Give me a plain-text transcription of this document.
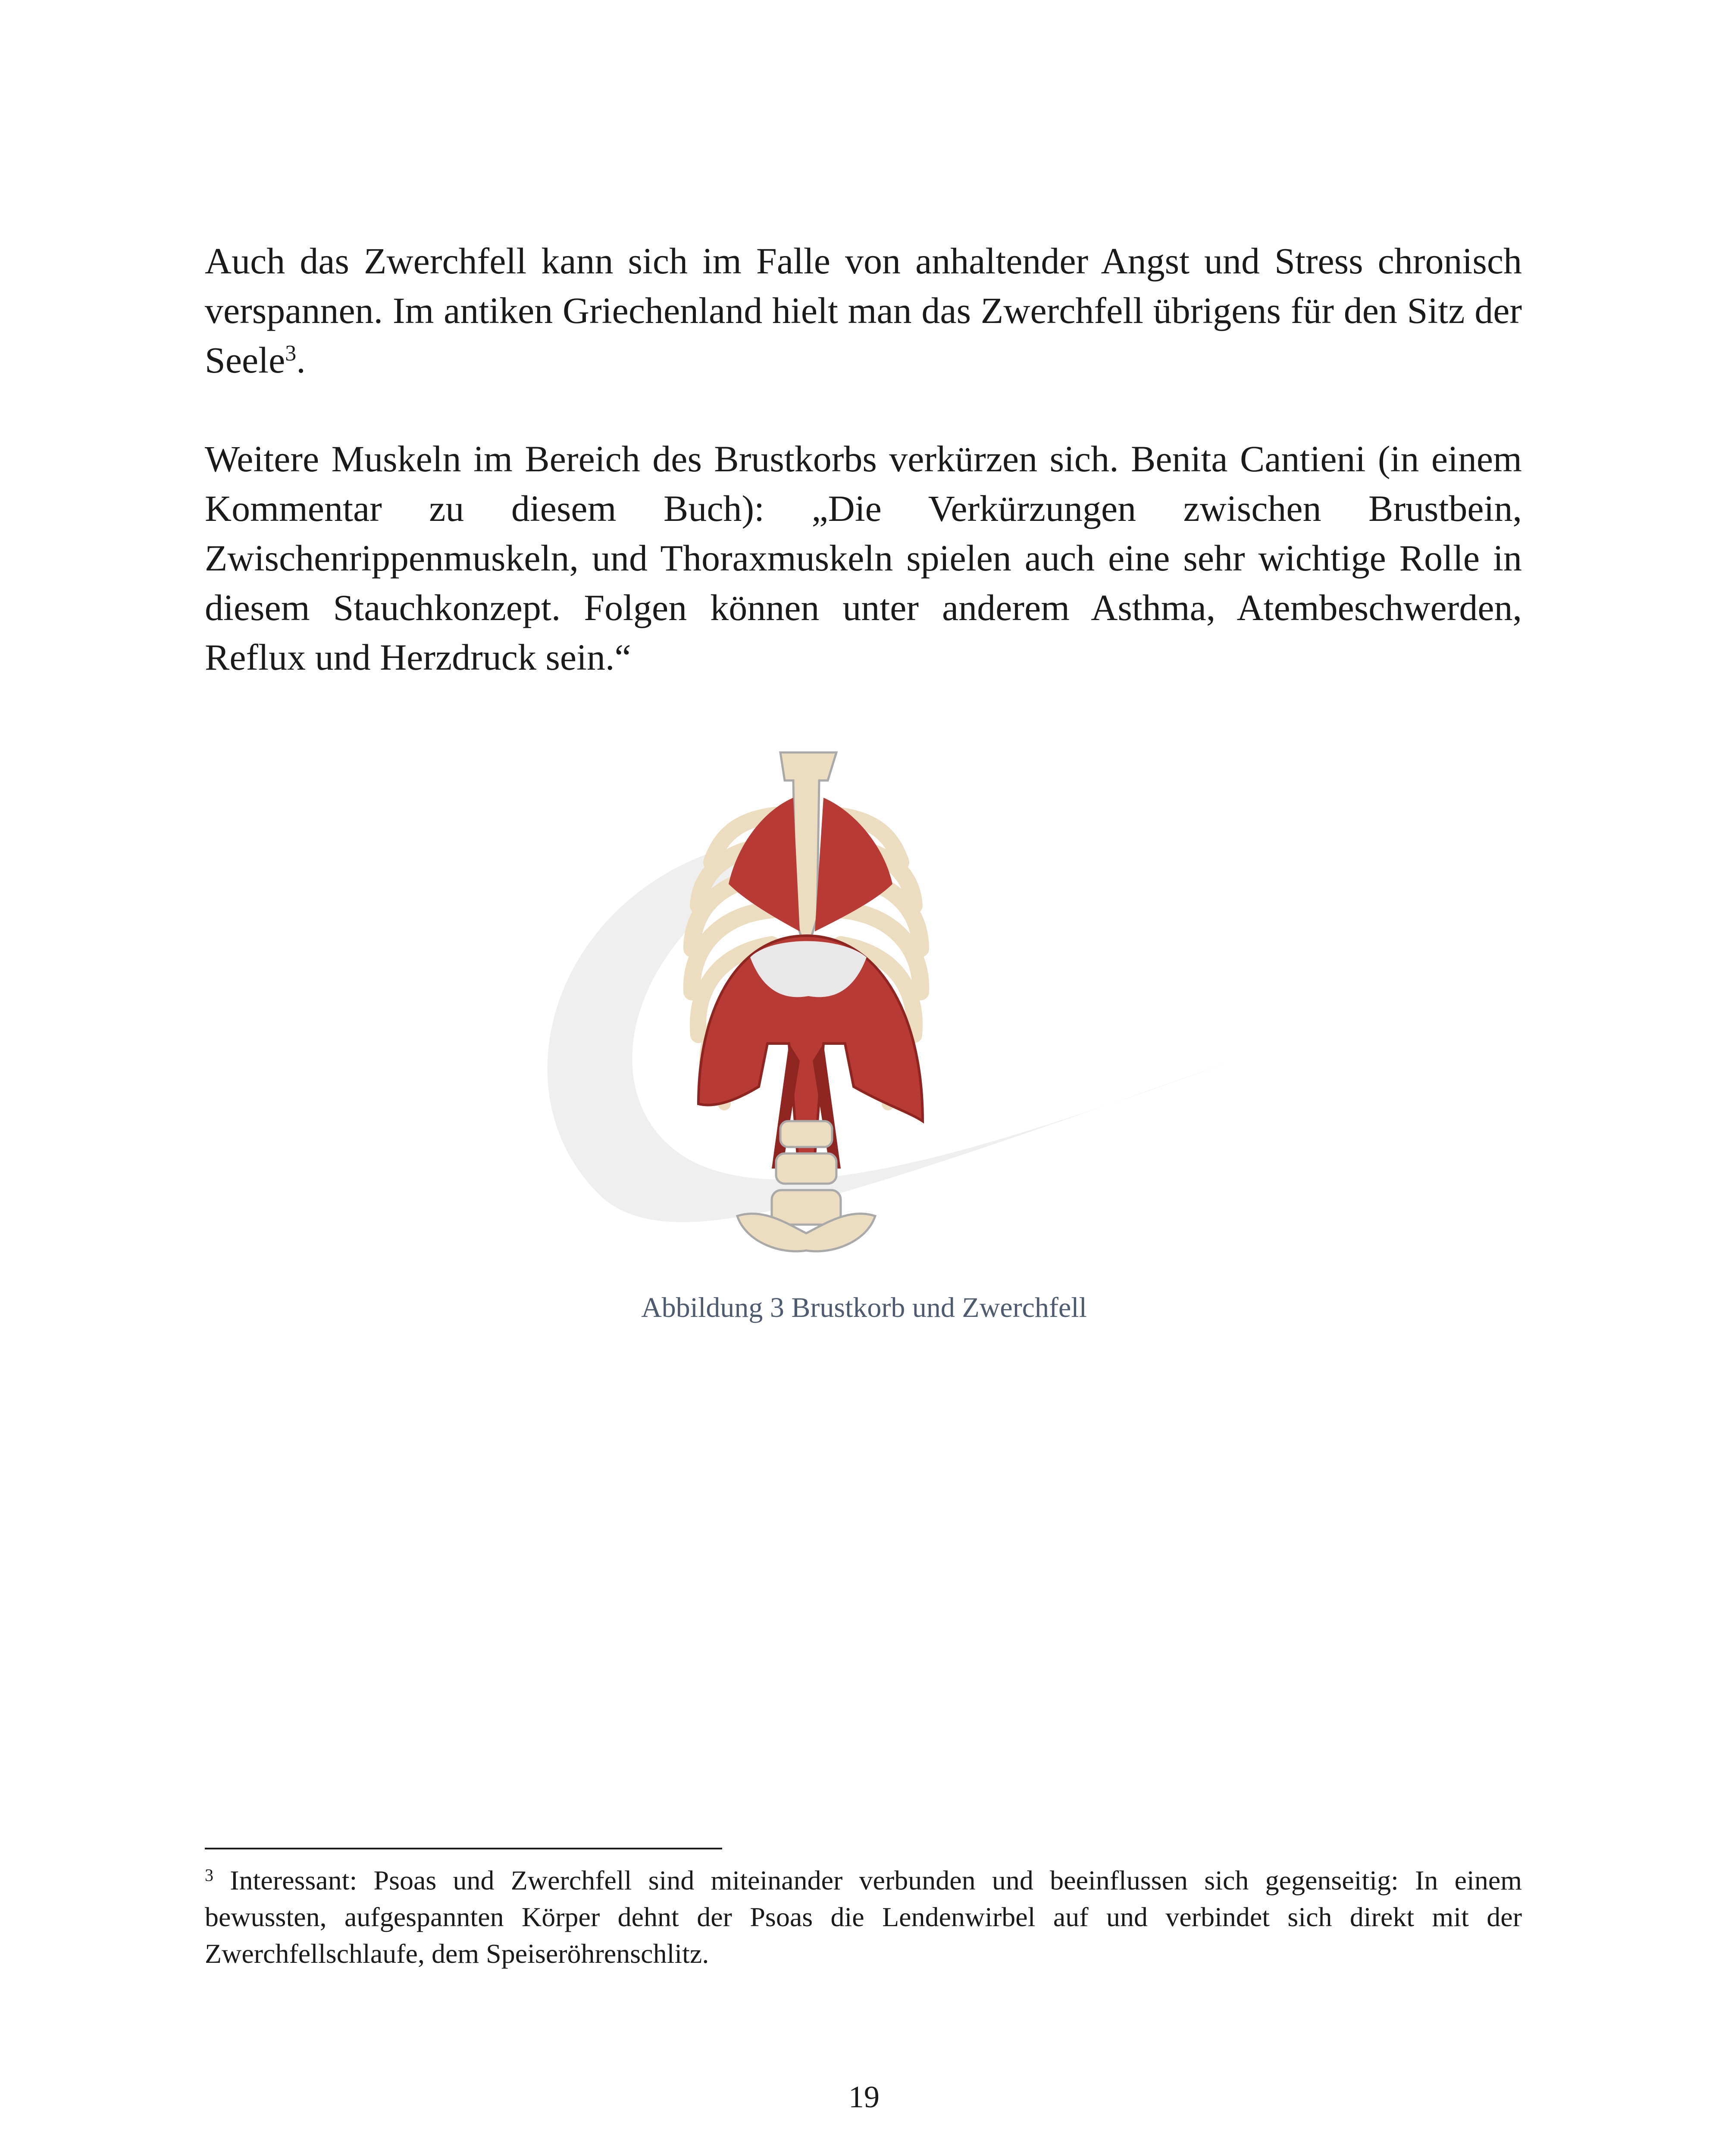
Auch das Zwerchfell kann sich im Falle von anhaltender Angst und Stress chronisch verspannen. Im antiken Griechenland hielt man das Zwerchfell übrigens für den Sitz der Seele$^3$.

Weitere Muskeln im Bereich des Brustkorbs verkürzen sich. Benita Cantieni (in einem Kommentar zu diesem Buch): „Die Verkürzungen zwischen Brustbein, Zwischenrippenmuskeln, und Thoraxmuskeln spielen auch eine sehr wichtige Rolle in diesem Stauchkonzept. Folgen können unter anderem Asthma, Atembeschwerden, Reflux und Herzdruck sein.“

Abbildung 3 Brustkorb und Zwerchfell

$^3$ Interessant: Psoas und Zwerchfell sind miteinander verbunden und beeinflussen sich gegenseitig: In einem bewussten, aufgespannten Körper dehnt der Psoas die Lendenwirbel auf und verbindet sich direkt mit der Zwerchfellschlaufe, dem Speiseröhrenschlitz.

19
